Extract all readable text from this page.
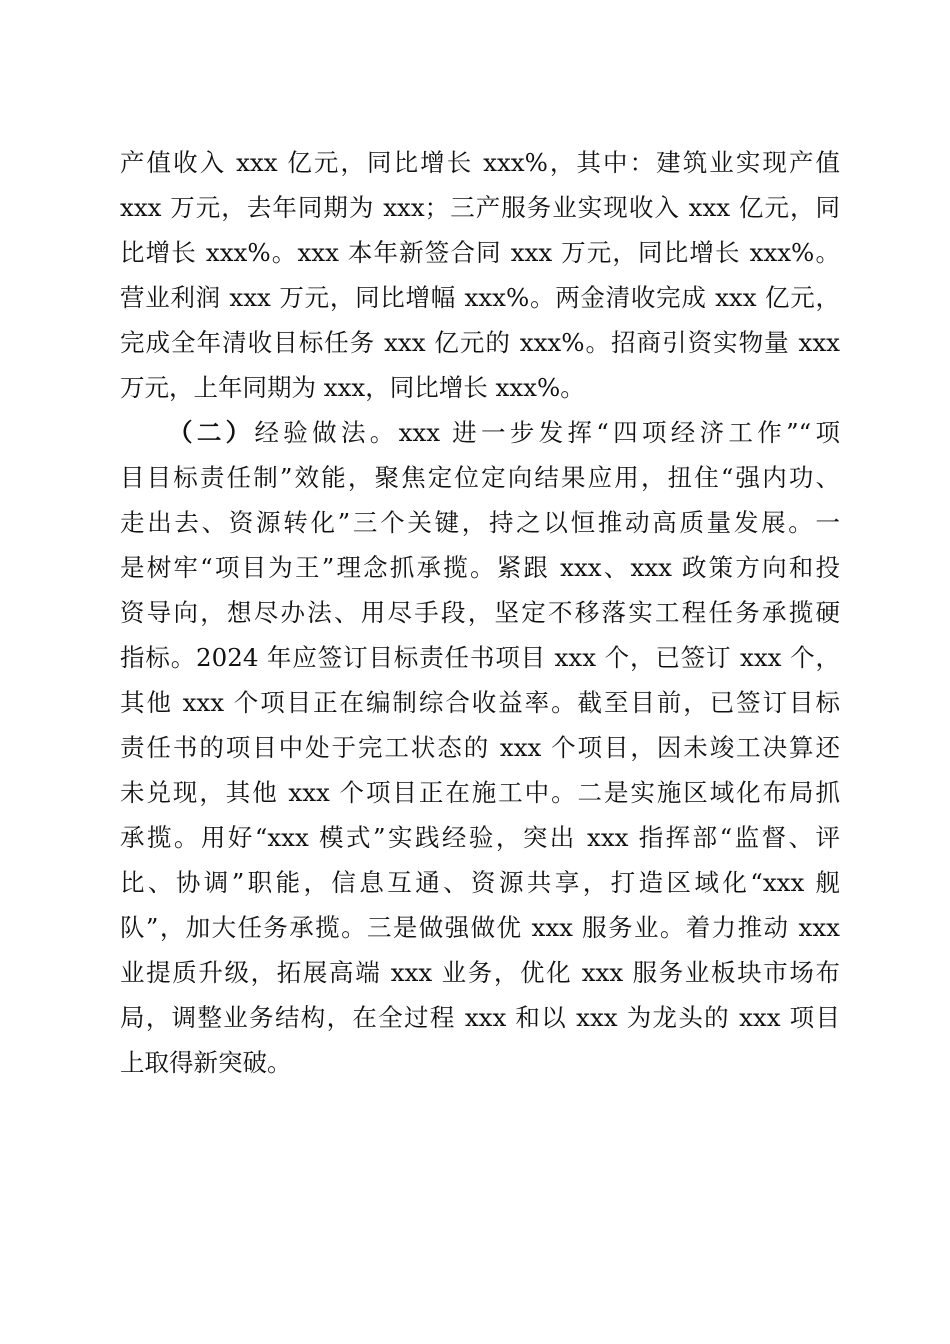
产值收入 xxx 亿元，同比增长 xxx%，其中：建筑业实现产值
xxx 万元，去年同期为 xxx；三产服务业实现收入 xxx 亿元，同
比增长 xxx%。xxx 本年新签合同 xxx 万元，同比增长 xxx%。
营业利润 xxx 万元，同比增幅 xxx%。两金清收完成 xxx 亿元，
完成全年清收目标任务 xxx 亿元的 xxx%。招商引资实物量 xxx
万元，上年同期为 xxx，同比增长 xxx%。
（二）经验做法。xxx 进一步发挥“四项经济工作”“项
目目标责任制”效能，聚焦定位定向结果应用，扭住“强内功、
走出去、资源转化”三个关键，持之以恒推动高质量发展。一
是树牢“项目为王”理念抓承揽。紧跟 xxx、xxx 政策方向和投
资导向，想尽办法、用尽手段，坚定不移落实工程任务承揽硬
指标。2024 年应签订目标责任书项目 xxx 个，已签订 xxx 个，
其他 xxx 个项目正在编制综合收益率。截至目前，已签订目标
责任书的项目中处于完工状态的 xxx 个项目，因未竣工决算还
未兑现，其他 xxx 个项目正在施工中。二是实施区域化布局抓
承揽。用好“xxx 模式”实践经验，突出 xxx 指挥部“监督、评
比、协调”职能，信息互通、资源共享，打造区域化“xxx 舰
队”，加大任务承揽。三是做强做优 xxx 服务业。着力推动 xxx
业提质升级，拓展高端 xxx 业务，优化 xxx 服务业板块市场布
局，调整业务结构，在全过程 xxx 和以 xxx 为龙头的 xxx 项目
上取得新突破。
